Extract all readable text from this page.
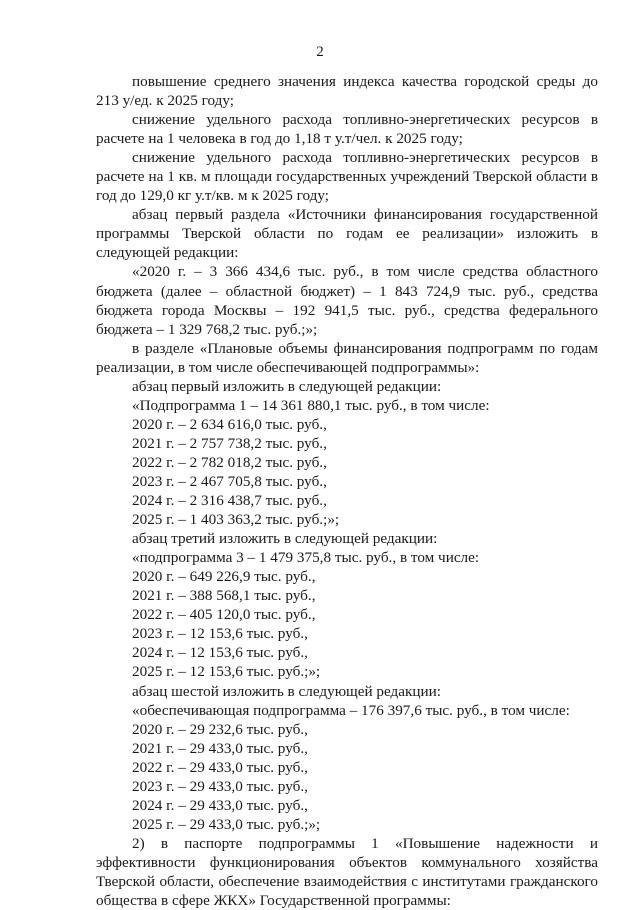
2

повышение среднего значения индекса качества городской среды до 213 у/ед. к 2025 году;

снижение удельного расхода топливно-энергетических ресурсов в расчете на 1 человека в год до 1,18 т у.т/чел. к 2025 году;

снижение удельного расхода топливно-энергетических ресурсов в расчете на 1 кв. м площади государственных учреждений Тверской области в год до 129,0 кг у.т/кв. м к 2025 году;

абзац первый раздела «Источники финансирования государственной программы Тверской области по годам ее реализации» изложить в следующей редакции:

«2020 г. – 3 366 434,6 тыс. руб., в том числе средства областного бюджета (далее – областной бюджет) – 1 843 724,9 тыс. руб., средства бюджета города Москвы – 192 941,5 тыс. руб., средства федерального бюджета – 1 329 768,2 тыс. руб.;»;

в разделе «Плановые объемы финансирования подпрограмм по годам реализации, в том числе обеспечивающей подпрограммы»:

абзац первый изложить в следующей редакции:

«Подпрограмма 1 – 14 361 880,1 тыс. руб., в том числе:

2020 г. – 2 634 616,0 тыс. руб.,

2021 г. – 2 757 738,2 тыс. руб.,

2022 г. – 2 782 018,2 тыс. руб.,

2023 г. – 2 467 705,8 тыс. руб.,

2024 г. – 2 316 438,7 тыс. руб.,

2025 г. – 1 403 363,2 тыс. руб.;»;

абзац третий изложить в следующей редакции:

«подпрограмма 3 – 1 479 375,8 тыс. руб., в том числе:

2020 г. – 649 226,9 тыс. руб.,

2021 г. – 388 568,1 тыс. руб.,

2022 г. – 405 120,0 тыс. руб.,

2023 г. – 12 153,6 тыс. руб.,

2024 г. – 12 153,6 тыс. руб.,

2025 г. – 12 153,6 тыс. руб.;»;

абзац шестой изложить в следующей редакции:

«обеспечивающая подпрограмма – 176 397,6 тыс. руб., в том числе:

2020 г. – 29 232,6 тыс. руб.,

2021 г. – 29 433,0 тыс. руб.,

2022 г. – 29 433,0 тыс. руб.,

2023 г. – 29 433,0 тыс. руб.,

2024 г. – 29 433,0 тыс. руб.,

2025 г. – 29 433,0 тыс. руб.;»;

2) в паспорте подпрограммы 1 «Повышение надежности и эффективности функционирования объектов коммунального хозяйства Тверской области, обеспечение взаимодействия с институтами гражданского общества в сфере ЖКХ» Государственной программы:
